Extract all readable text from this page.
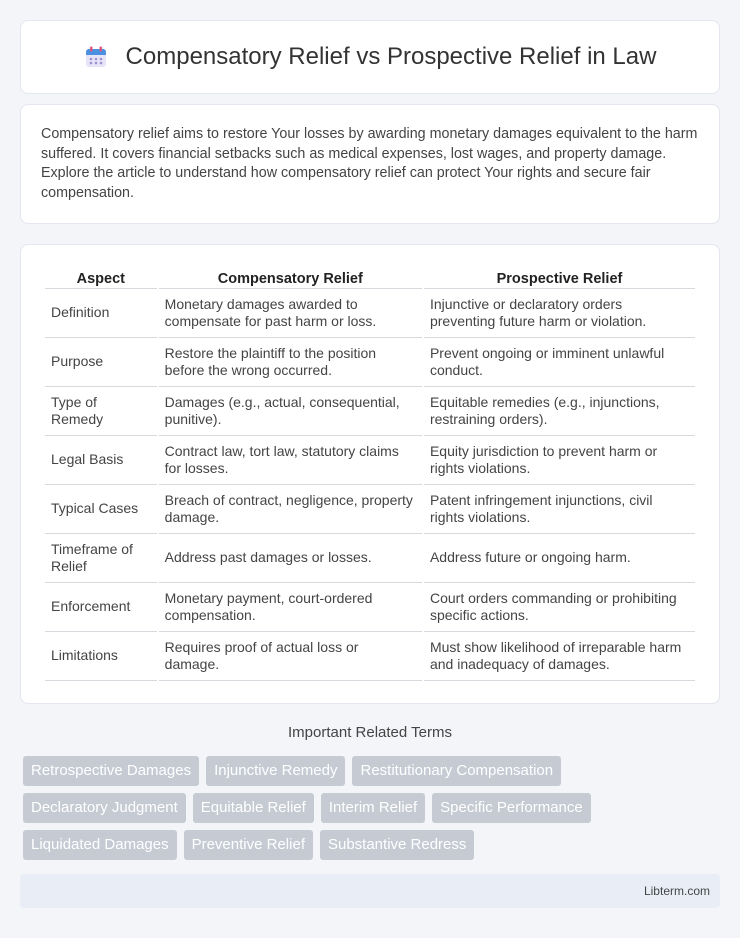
Compensatory Relief vs Prospective Relief in Law

Compensatory relief aims to restore Your losses by awarding monetary damages equivalent to the harm suffered. It covers financial setbacks such as medical expenses, lost wages, and property damage. Explore the article to understand how compensatory relief can protect Your rights and secure fair compensation.

Aspect	Compensatory Relief	Prospective Relief
Definition	Monetary damages awarded to compensate for past harm or loss.	Injunctive or declaratory orders preventing future harm or violation.
Purpose	Restore the plaintiff to the position before the wrong occurred.	Prevent ongoing or imminent unlawful conduct.
Type of Remedy	Damages (e.g., actual, consequential, punitive).	Equitable remedies (e.g., injunctions, restraining orders).
Legal Basis	Contract law, tort law, statutory claims for losses.	Equity jurisdiction to prevent harm or rights violations.
Typical Cases	Breach of contract, negligence, property damage.	Patent infringement injunctions, civil rights violations.
Timeframe of Relief	Address past damages or losses.	Address future or ongoing harm.
Enforcement	Monetary payment, court-ordered compensation.	Court orders commanding or prohibiting specific actions.
Limitations	Requires proof of actual loss or damage.	Must show likelihood of irreparable harm and inadequacy of damages.
Important Related Terms
Retrospective Damages	Injunctive Remedy	Restitutionary Compensation
Declaratory Judgment	Equitable Relief	Interim Relief	Specific Performance
Liquidated Damages	Preventive Relief	Substantive Redress
Libterm.com
